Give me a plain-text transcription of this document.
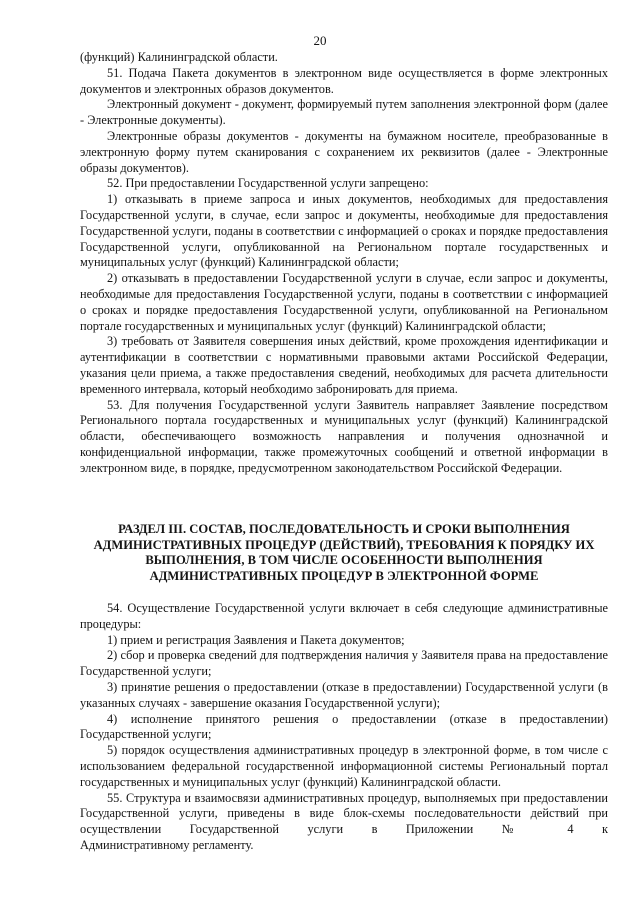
20

(функций) Калининградской области.

51. Подача Пакета документов в электронном виде осуществляется в форме электронных документов и электронных образов документов.

Электронный документ - документ, формируемый путем заполнения электронной форм (далее - Электронные документы).

Электронные образы документов - документы на бумажном носителе, преобразованные в электронную форму путем сканирования с сохранением их реквизитов (далее - Электронные образы документов).

52. При предоставлении Государственной услуги запрещено:

1) отказывать в приеме запроса и иных документов, необходимых для предоставления Государственной услуги, в случае, если запрос и документы, необходимые для предоставления Государственной услуги, поданы в соответствии с информацией о сроках и порядке предоставления Государственной услуги, опубликованной на Региональном портале государственных и муниципальных услуг (функций) Калининградской области;

2) отказывать в предоставлении Государственной услуги в случае, если запрос и документы, необходимые для предоставления Государственной услуги, поданы в соответствии с информацией о сроках и порядке предоставления Государственной услуги, опубликованной на Региональном портале государственных и муниципальных услуг (функций) Калининградской области;

3) требовать от Заявителя совершения иных действий, кроме прохождения идентификации и аутентификации в соответствии с нормативными правовыми актами Российской Федерации, указания цели приема, а также предоставления сведений, необходимых для расчета длительности временного интервала, который необходимо забронировать для приема.

53. Для получения Государственной услуги Заявитель направляет Заявление посредством Регионального портала государственных и муниципальных услуг (функций) Калининградской области, обеспечивающего возможность направления и получения однозначной и конфиденциальной информации, также промежуточных сообщений и ответной информации в электронном виде, в порядке, предусмотренном законодательством Российской Федерации.

РАЗДЕЛ III. СОСТАВ, ПОСЛЕДОВАТЕЛЬНОСТЬ И СРОКИ ВЫПОЛНЕНИЯ
АДМИНИСТРАТИВНЫХ ПРОЦЕДУР (ДЕЙСТВИЙ), ТРЕБОВАНИЯ К ПОРЯДКУ ИХ
ВЫПОЛНЕНИЯ, В ТОМ ЧИСЛЕ ОСОБЕННОСТИ ВЫПОЛНЕНИЯ
АДМИНИСТРАТИВНЫХ ПРОЦЕДУР В ЭЛЕКТРОННОЙ ФОРМЕ

54. Осуществление Государственной услуги включает в себя следующие административные процедуры:

1) прием и регистрация Заявления и Пакета документов;

2) сбор и проверка сведений для подтверждения наличия у Заявителя права на предоставление Государственной услуги;

3) принятие решения о предоставлении (отказе в предоставлении) Государственной услуги (в указанных случаях - завершение оказания Государственной услуги);

4) исполнение принятого решения о предоставлении (отказе в предоставлении) Государственной услуги;

5) порядок осуществления административных процедур в электронной форме, в том числе с использованием федеральной государственной информационной системы Региональный портал государственных и муниципальных услуг (функций) Калининградской области.

55. Структура и взаимосвязи административных процедур, выполняемых при предоставлении Государственной услуги, приведены в виде блок-схемы последовательности действий при осуществлении Государственной услуги в Приложении № 4 к

Административному регламенту.
